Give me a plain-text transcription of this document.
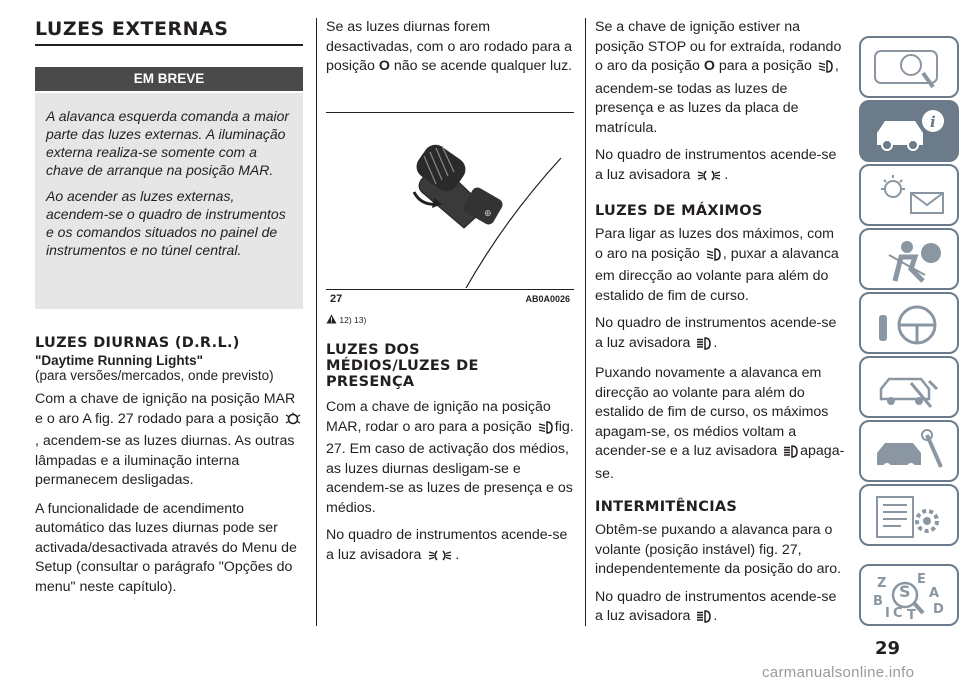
LUZES EXTERNAS
EM BREVE

A alavanca esquerda comanda a maior parte das luzes externas. A iluminação externa realiza-se somente com a chave de arranque na posição MAR.

Ao acender as luzes externas, acendem-se o quadro de instrumentos e os comandos situados no painel de instrumentos e no túnel central.

LUZES DIURNAS (D.R.L.)
"Daytime Running Lights"
(para versões/mercados, onde previsto)

Com a chave de ignição na posição MAR e o aro A fig. 27 rodado para a posição , acendem-se as luzes diurnas. As outras lâmpadas e a iluminação interna permanecem desligadas.

A funcionalidade de acendimento automático das luzes diurnas pode ser activada/desactivada através do Menu de Setup (consultar o parágrafo "Opções do menu" neste capítulo).

Se as luzes diurnas forem desactivadas, com o aro rodado para a posição O não se acende qualquer luz.

⊕
27	AB0A0026
12) 13)
LUZES DOS
MÉDIOS/LUZES DE
PRESENÇA

Com a chave de ignição na posição MAR, rodar o aro para a posição fig. 27. Em caso de activação dos médios, as luzes diurnas desligam-se e acendem-se as luzes de presença e os médios.

No quadro de instrumentos acende-se a luz avisadora .

Se a chave de ignição estiver na posição STOP ou for extraída, rodando o aro da posição O para a posição , acendem-se todas as luzes de presença e as luzes da placa de matrícula.

No quadro de instrumentos acende-se a luz avisadora .

LUZES DE MÁXIMOS

Para ligar as luzes dos máximos, com o aro na posição , puxar a alavanca em direcção ao volante para além do estalido de fim de curso.

No quadro de instrumentos acende-se a luz avisadora .

Puxando novamente a alavanca em direcção ao volante para além do estalido de fim de curso, os máximos apagam-se, os médios voltam a acender-se e a luz avisadora apaga-se.

INTERMITÊNCIAS

Obtêm-se puxando a alavanca para o volante (posição instável) fig. 27, independentemente da posição do aro.

No quadro de instrumentos acende-se a luz avisadora .

i
Z E
A
S
B
D
I C T
29
carmanualsonline.info
